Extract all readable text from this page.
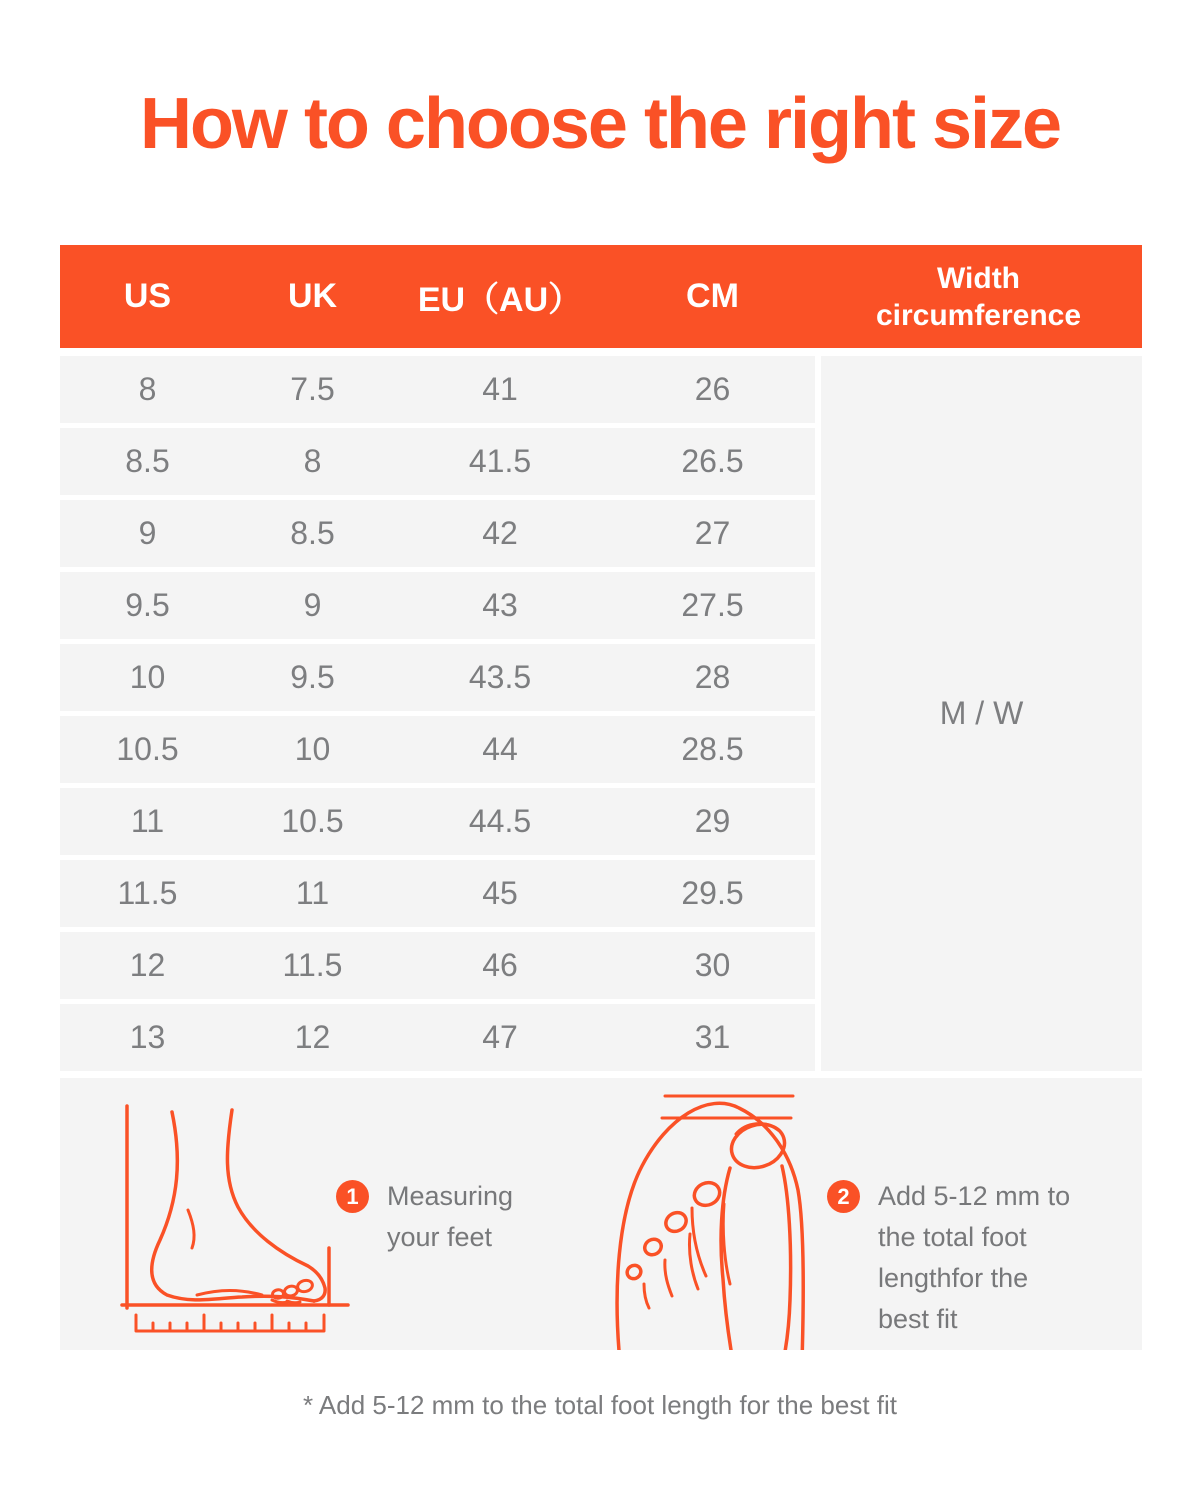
How to choose the right size
US	UK	EU（AU）	CM	Width circumference
8	7.5	41	26
8.5	8	41.5	26.5
9	8.5	42	27
9.5	9	43	27.5
10	9.5	43.5	28
10.5	10	44	28.5
11	10.5	44.5	29
11.5	11	45	29.5
12	11.5	46	30
13	12	47	31
M / W
1	Measuring
your feet
2	Add 5-12 mm to
the total foot
lengthfor the
best fit
* Add 5-12 mm to the total foot length for the best fit
